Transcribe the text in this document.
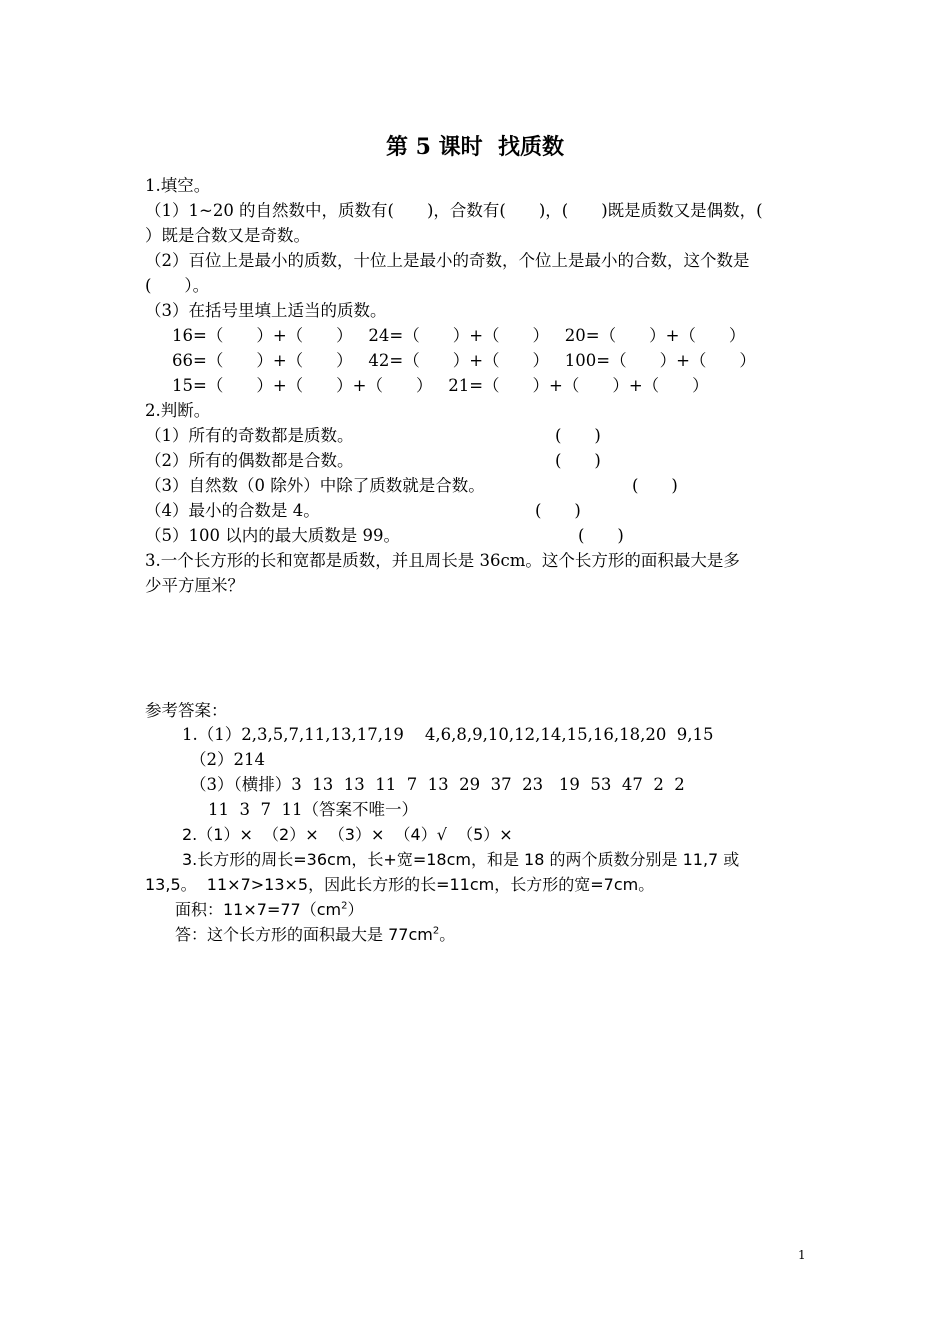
第 5 课时  找质数
1.填空。
（1）1~20 的自然数中，质数有(　　)，合数有(　　)，(　　)既是质数又是偶数，(
）既是合数又是奇数。
（2）百位上是最小的质数，十位上是最小的奇数，个位上是最小的合数，这个数是
(　　）。
（3）在括号里填上适当的质数。
16=（　　）+（　　）   24=（　　）+（　　）   20=（　　）+（　　）
66=（　　）+（　　）   42=（　　）+（　　）   100=（　　）+（　　）
15=（　　）+（　　）+（　　）   21=（　　）+（　　）+（　　）
2.判断。
（1）所有的奇数都是质数。	(　　)
（2）所有的偶数都是合数。	(　　)
（3）自然数（0 除外）中除了质数就是合数。	(　　)
（4）最小的合数是 4。	(　　)
（5）100 以内的最大质数是 99。	(　　)
3.一个长方形的长和宽都是质数，并且周长是 36cm。这个长方形的面积最大是多
少平方厘米？
参考答案：
1.（1）2,3,5,7,11,13,17,19    4,6,8,9,10,12,14,15,16,18,20  9,15
（2）214
（3）（横排）3  13  13  11  7  13  29  37  23   19  53  47  2  2
11  3  7  11（答案不唯一）
2.（1）×  （2）×  （3）×  （4）√  （5）×
3.长方形的周长=36cm，长+宽=18cm，和是 18 的两个质数分别是 11,7 或
13,5。  11×7>13×5，因此长方形的长=11cm，长方形的宽=7cm。
面积：$11\times 7=77(cm^2)$
答：这个长方形的面积最大是 $77cm^2$。
1
